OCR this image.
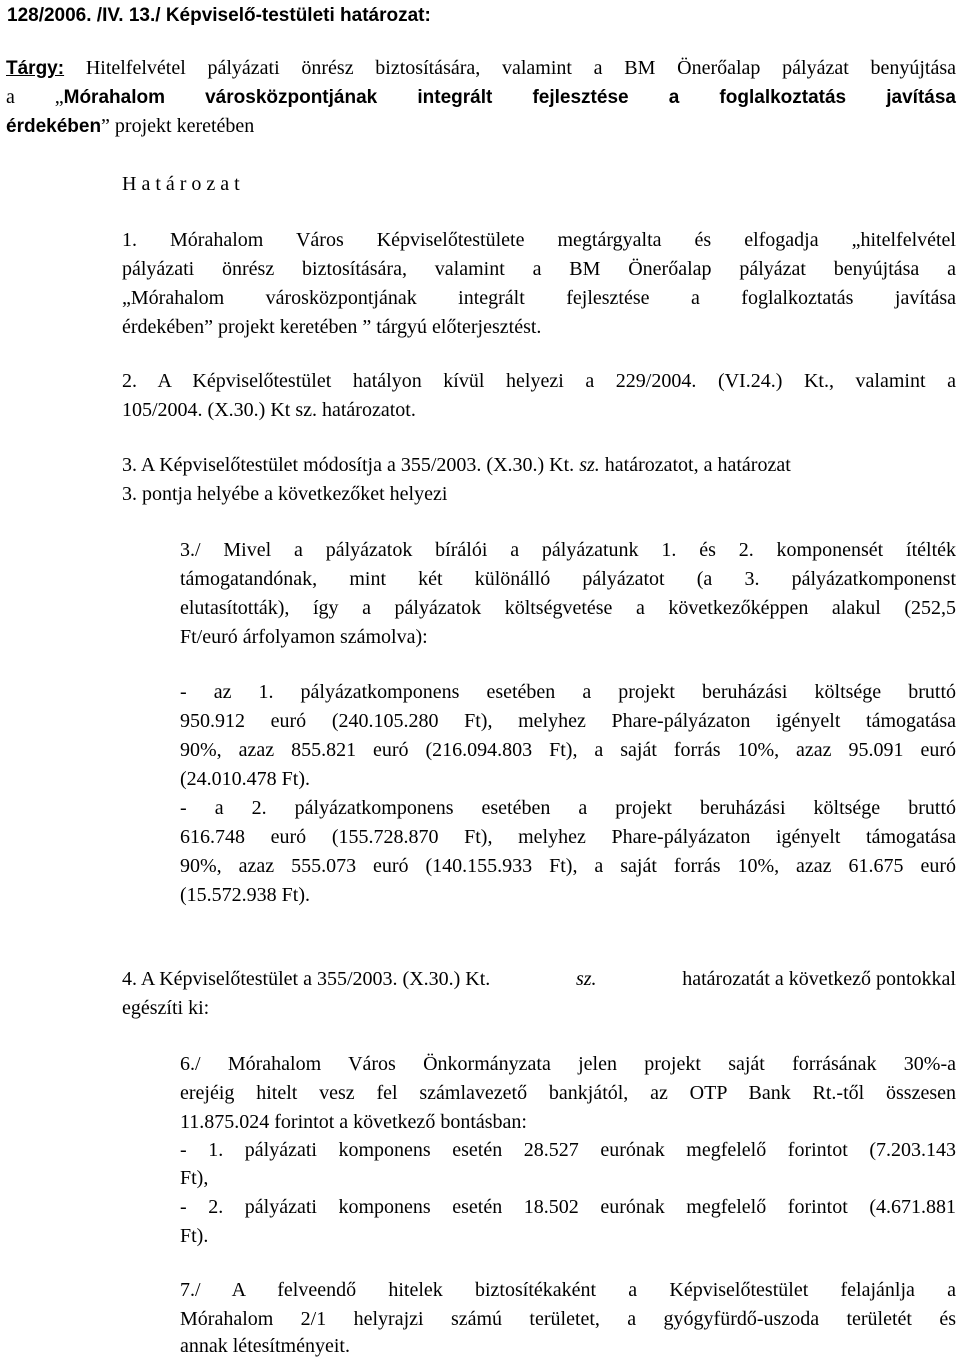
128/2006. /IV. 13./ Képviselő-testületi határozat:
Tárgy: Hitelfelvétel pályázati önrész biztosítására, valamint a BM Önerőalap pályázat benyújtása
a „Mórahalom városközpontjának integrált fejlesztése a foglalkoztatás javítása
érdekében” projekt keretében
H a t á r o z a t
1. Mórahalom Város Képviselőtestülete megtárgyalta és elfogadja „hitelfelvétel
pályázati önrész biztosítására, valamint a BM Önerőalap pályázat benyújtása a
„Mórahalom városközpontjának integrált fejlesztése a foglalkoztatás javítása
érdekében” projekt keretében ” tárgyú előterjesztést.
2. A Képviselőtestület hatályon kívül helyezi a 229/2004. (VI.24.) Kt., valamint a
105/2004. (X.30.) Kt sz. határozatot.
3. A Képviselőtestület módosítja a 355/2003. (X.30.) Kt. sz. határozatot, a határozat
3. pontja helyébe a következőket helyezi
3./ Mivel a pályázatok bírálói a pályázatunk 1. és 2. komponensét ítélték
támogatandónak, mint két különálló pályázatot (a 3. pályázatkomponenst
elutasították), így a pályázatok költségvetése a következőképpen alakul (252,5
Ft/euró árfolyamon számolva):
- az 1. pályázatkomponens esetében a projekt beruházási költsége bruttó
950.912 euró (240.105.280 Ft), melyhez Phare-pályázaton igényelt támogatása
90%, azaz 855.821 euró (216.094.803 Ft), a saját forrás 10%, azaz 95.091 euró
(24.010.478 Ft).
- a 2. pályázatkomponens esetében a projekt beruházási költsége bruttó
616.748 euró (155.728.870 Ft), melyhez Phare-pályázaton igényelt támogatása
90%, azaz 555.073 euró (140.155.933 Ft), a saját forrás 10%, azaz 61.675 euró
(15.572.938 Ft).
4. A Képviselőtestület a 355/2003. (X.30.) Kt.	sz.	határozatát a következő pontokkal
egészíti ki:
6./ Mórahalom Város Önkormányzata jelen projekt saját forrásának 30%-a
erejéig hitelt vesz fel számlavezető bankjától, az OTP Bank Rt.-től összesen
11.875.024 forintot a következő bontásban:
- 1. pályázati komponens esetén 28.527 eurónak megfelelő forintot (7.203.143
Ft),
- 2. pályázati komponens esetén 18.502 eurónak megfelelő forintot (4.671.881
Ft).
7./ A felveendő hitelek biztosítékaként a Képviselőtestület felajánlja a
Mórahalom 2/1 helyrajzi számú területet, a gyógyfürdő-uszoda területét és
annak létesítményeit.
